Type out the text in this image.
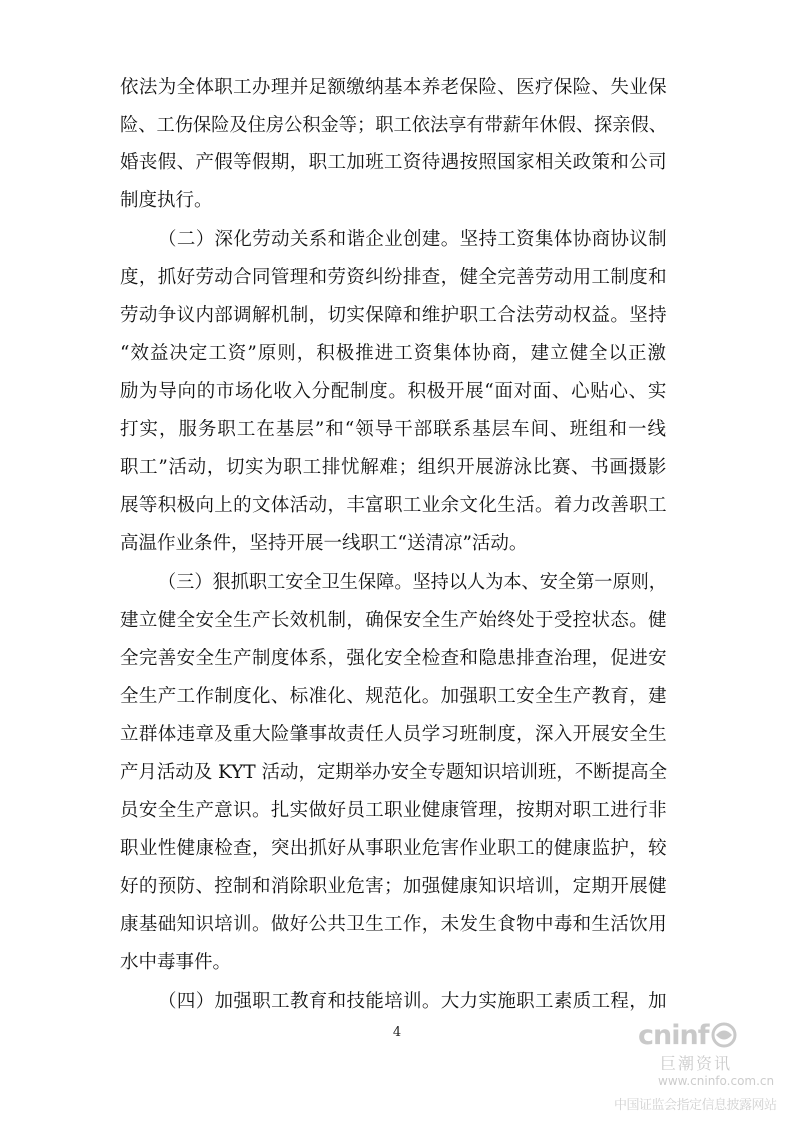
依法为全体职工办理并足额缴纳基本养老保险、医疗保险、失业保
险、工伤保险及住房公积金等；职工依法享有带薪年休假、探亲假、
婚丧假、产假等假期，职工加班工资待遇按照国家相关政策和公司
制度执行。
（二）深化劳动关系和谐企业创建。坚持工资集体协商协议制
度，抓好劳动合同管理和劳资纠纷排查，健全完善劳动用工制度和
劳动争议内部调解机制，切实保障和维护职工合法劳动权益。坚持
“效益决定工资”原则，积极推进工资集体协商，建立健全以正激
励为导向的市场化收入分配制度。积极开展“面对面、心贴心、实
打实，服务职工在基层”和“领导干部联系基层车间、班组和一线
职工”活动，切实为职工排忧解难；组织开展游泳比赛、书画摄影
展等积极向上的文体活动，丰富职工业余文化生活。着力改善职工
高温作业条件，坚持开展一线职工“送清凉”活动。
（三）狠抓职工安全卫生保障。坚持以人为本、安全第一原则，
建立健全安全生产长效机制，确保安全生产始终处于受控状态。健
全完善安全生产制度体系，强化安全检查和隐患排查治理，促进安
全生产工作制度化、标准化、规范化。加强职工安全生产教育，建
立群体违章及重大险肇事故责任人员学习班制度，深入开展安全生
产月活动及 KYT 活动，定期举办安全专题知识培训班，不断提高全
员安全生产意识。扎实做好员工职业健康管理，按期对职工进行非
职业性健康检查，突出抓好从事职业危害作业职工的健康监护，较
好的预防、控制和消除职业危害；加强健康知识培训，定期开展健
康基础知识培训。做好公共卫生工作，未发生食物中毒和生活饮用
水中毒事件。
（四）加强职工教育和技能培训。大力实施职工素质工程，加
4	cninf
巨潮资讯
www.cninfo.com.cn
中国证监会指定信息披露网站
